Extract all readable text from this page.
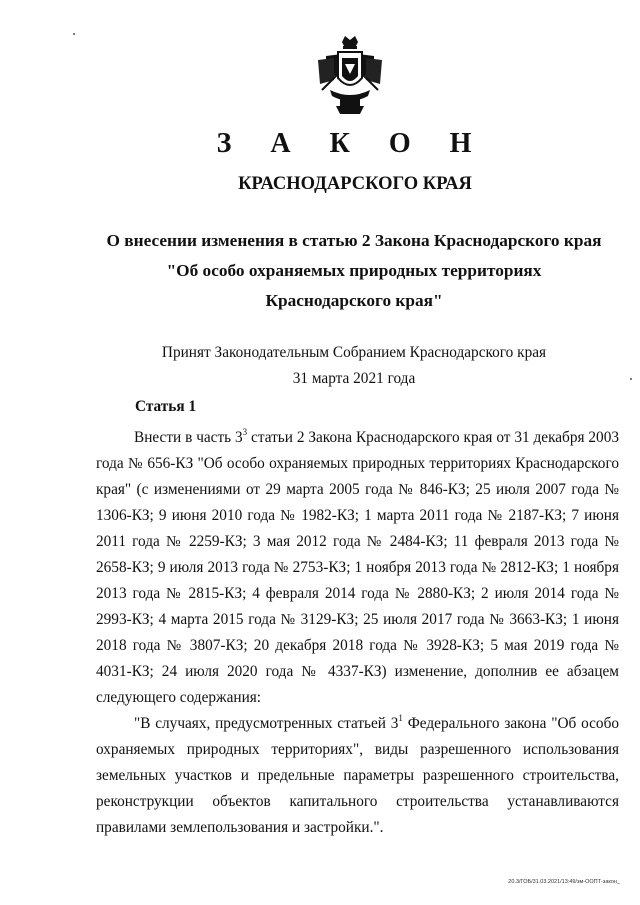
З А К О Н
КРАСНОДАРСКОГО КРАЯ
О внесении изменения в статью 2 Закона Краснодарского края
"Об особо охраняемых природных территориях
Краснодарского края"
Принят Законодательным Собранием Краснодарского края
31 марта 2021 года
Статья 1

Внести в часть $3^3$ статьи 2 Закона Краснодарского края от 31 декабря 2003 года № 656-КЗ "Об особо охраняемых природных территориях Краснодарского края" (с изменениями от 29 марта 2005 года № 846-КЗ; 25 июля 2007 года № 1306-КЗ; 9 июня 2010 года № 1982-КЗ; 1 марта 2011 года № 2187-КЗ; 7 июня 2011 года № 2259-КЗ; 3 мая 2012 года № 2484-КЗ; 11 февраля 2013 года № 2658-КЗ; 9 июля 2013 года № 2753-КЗ; 1 ноября 2013 года № 2812-КЗ; 1 ноября 2013 года № 2815-КЗ; 4 февраля 2014 года № 2880-КЗ; 2 июля 2014 года № 2993-КЗ; 4 марта 2015 года № 3129-КЗ; 25 июля 2017 года № 3663-КЗ; 1 июня 2018 года № 3807-КЗ; 20 декабря 2018 года № 3928-КЗ; 5 мая 2019 года № 4031-КЗ; 24 июля 2020 года № 4337-КЗ) изменение, дополнив ее абзацем следующего содержания:

"В случаях, предусмотренных статьей $3^1$ Федерального закона "Об особо охраняемых природных территориях", виды разрешенного использования земельных участков и предельные параметры разрешенного строительства, реконструкции объектов капитального строительства устанавливаются правилами землепользования и застройки.".

20.3/ГОБ/31.03.2021/13:49/зм-ООПТ-закон_
